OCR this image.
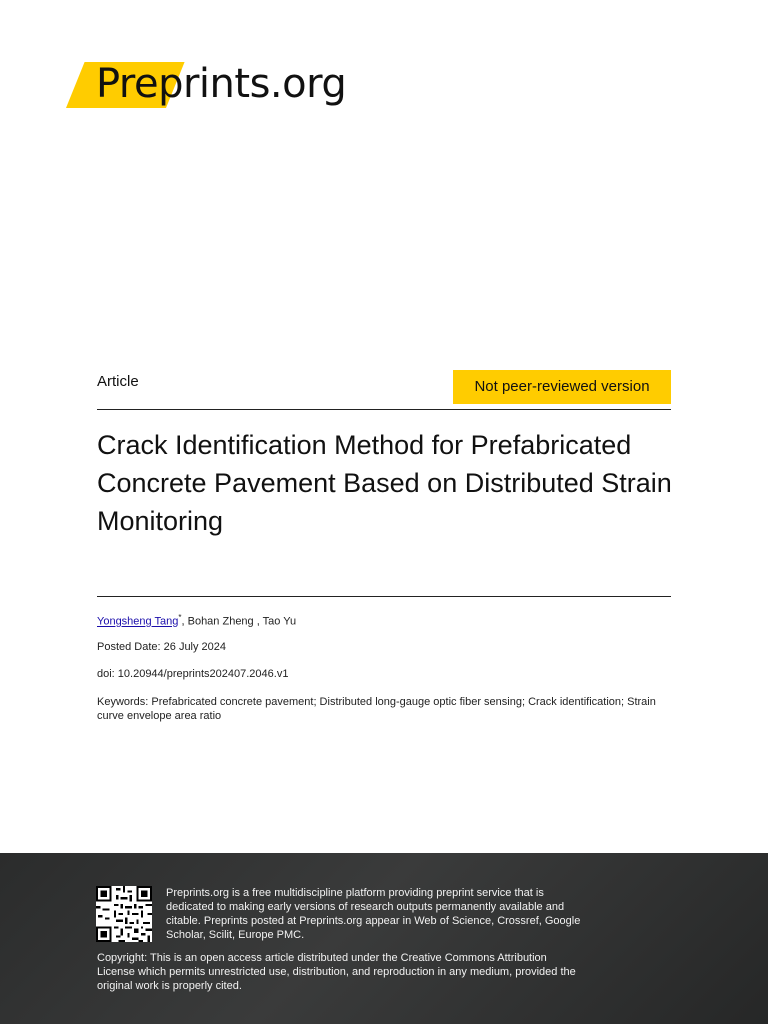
Preprints.org
Article	Not peer-reviewed version
Crack Identification Method for Prefabricated Concrete Pavement Based on Distributed Strain Monitoring
Yongsheng Tang*, Bohan Zheng , Tao Yu
Posted Date: 26 July 2024
doi: 10.20944/preprints202407.2046.v1
Keywords: Prefabricated concrete pavement; Distributed long-gauge optic fiber sensing; Crack identification; Strain curve envelope area ratio
Preprints.org is a free multidiscipline platform providing preprint service that is dedicated to making early versions of research outputs permanently available and citable. Preprints posted at Preprints.org appear in Web of Science, Crossref, Google Scholar, Scilit, Europe PMC.
Copyright: This is an open access article distributed under the Creative Commons Attribution License which permits unrestricted use, distribution, and reproduction in any medium, provided the original work is properly cited.
